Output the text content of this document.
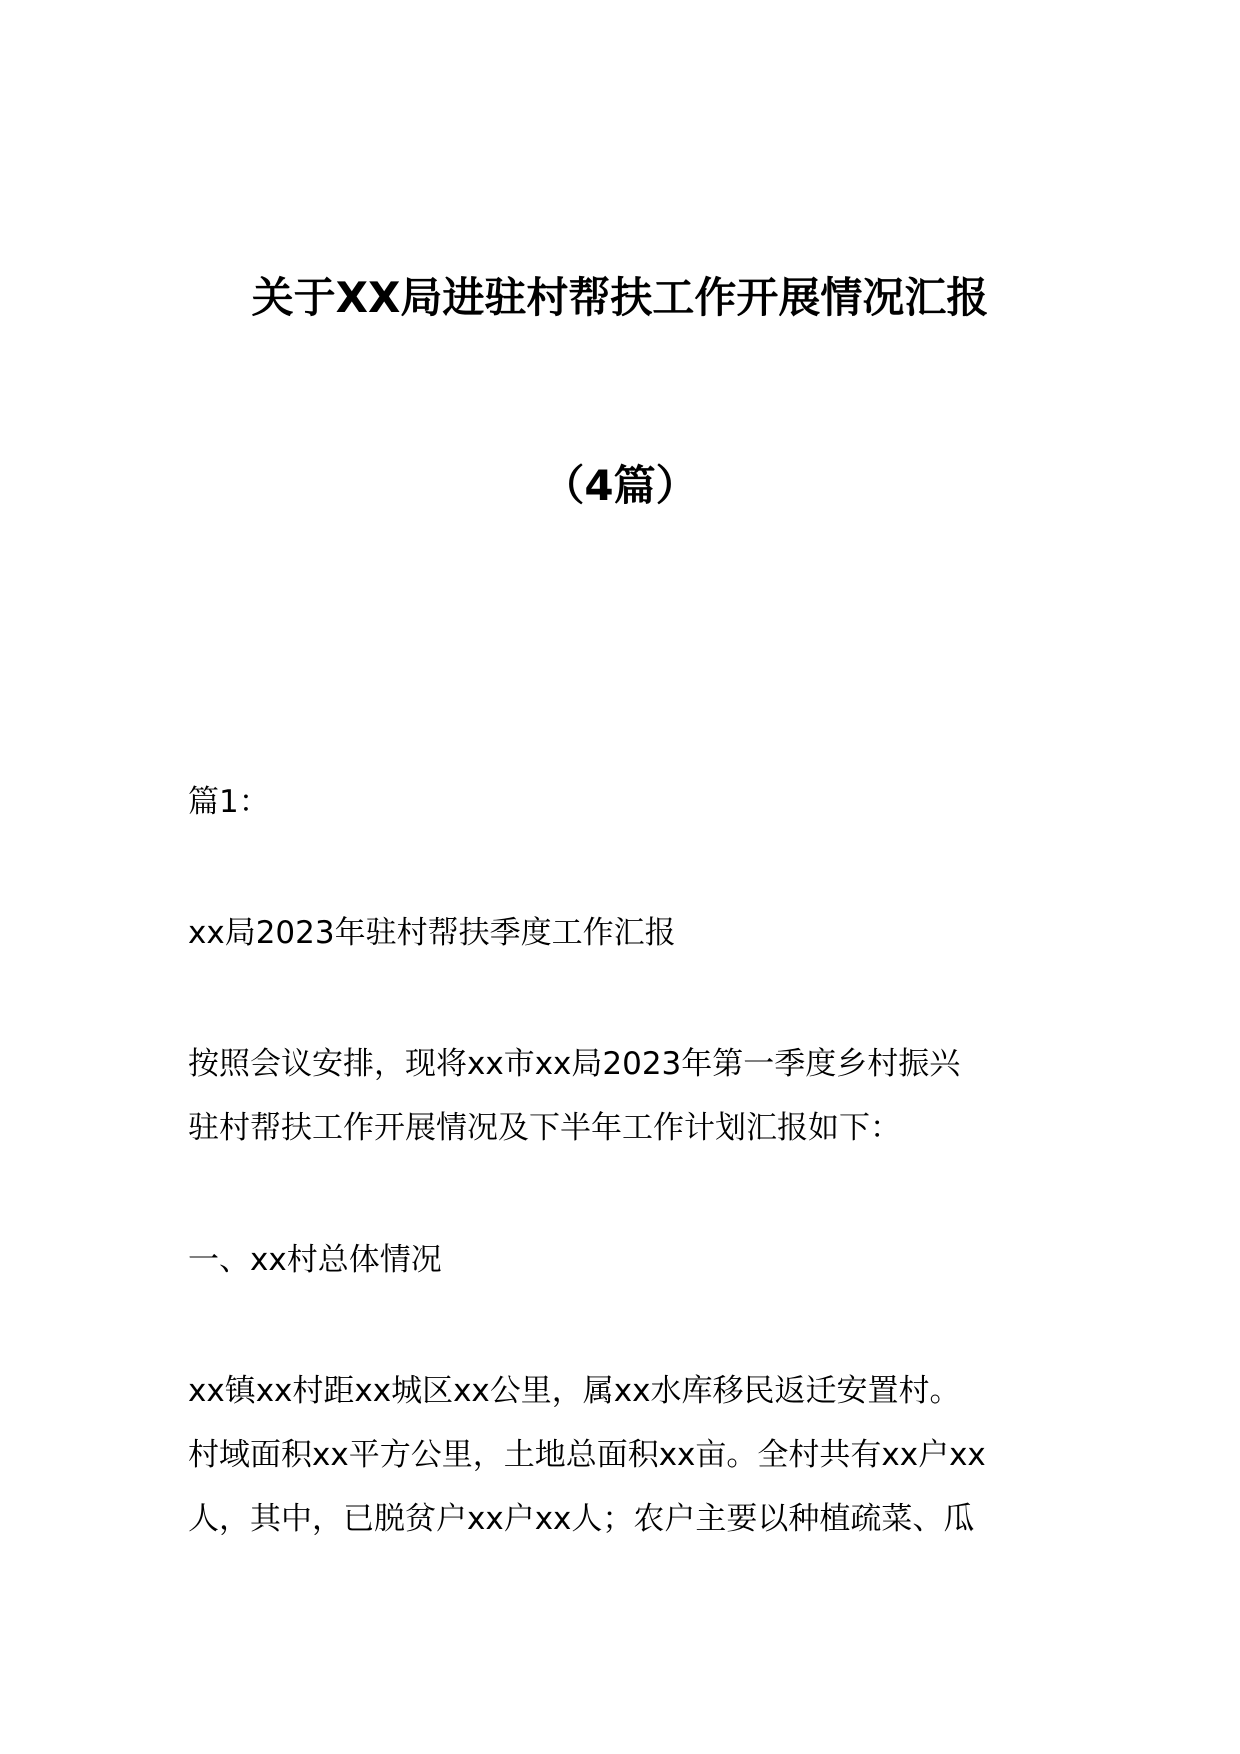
关于XX局进驻村帮扶工作开展情况汇报
（4篇）
篇1：
xx局2023年驻村帮扶季度工作汇报
按照会议安排，现将xx市xx局2023年第一季度乡村振兴
驻村帮扶工作开展情况及下半年工作计划汇报如下：
一、xx村总体情况
xx镇xx村距xx城区xx公里，属xx水库移民返迁安置村。
村域面积xx平方公里，土地总面积xx亩。全村共有xx户xx
人，其中，已脱贫户xx户xx人；农户主要以种植疏菜、瓜
